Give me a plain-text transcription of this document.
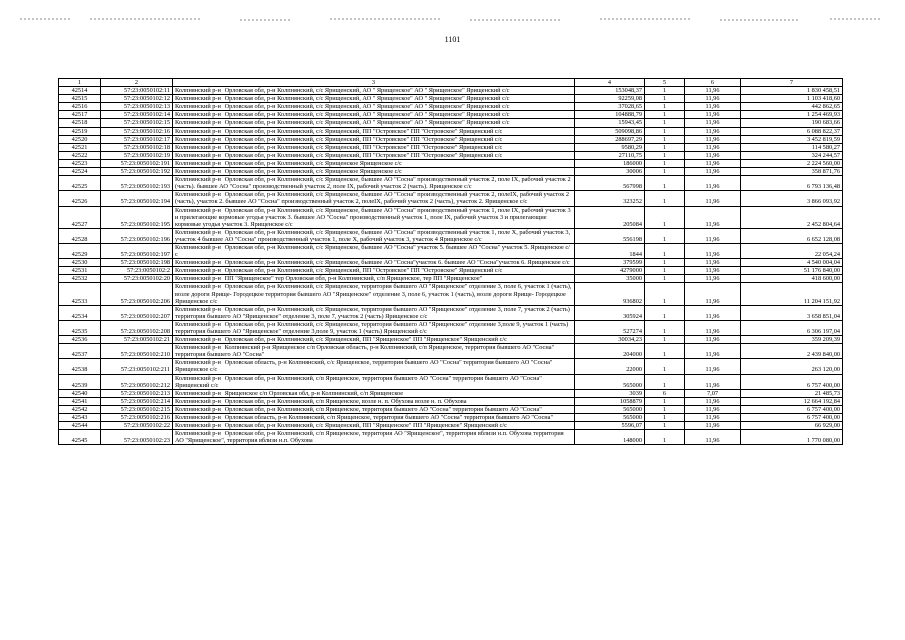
1101
1	2	3	4	5	6	7
42514	57:23:0050102:11	Колпнянский р-н Орловская обл, р-н Колпнянский, с/с Ярищенский, АО " Ярищенское" АО " Ярищенское" Ярищенский с/с	153048,37	1	11,96	1 830 458,51
42515	57:23:0050102:12	Колпнянский р-н Орловская обл, р-н Колпнянский, с/с Ярищенский, АО " Ярищенское" АО " Ярищенское" Ярищенский с/с	92259,08	1	11,96	1 103 418,60
42516	57:23:0050102:13	Колпнянский р-н Орловская обл, р-н Колпнянский, с/с Ярищенский, АО " Ярищенское" АО " Ярищенское" Ярищенский с/с	37028,65	1	11,96	442 862,65
42517	57:23:0050102:14	Колпнянский р-н Орловская обл, р-н Колпнянский, с/с Ярищенский, АО " Ярищенское" АО " Ярищенское" Ярищенский с/с	104888,79	1	11,96	1 254 469,93
42518	57:23:0050102:15	Колпнянский р-н Орловская обл, р-н Колпнянский, с/с Ярищенский, АО " Ярищенское" АО " Ярищенское" Ярищенский с/с	15943,45	1	11,96	190 683,66
42519	57:23:0050102:16	Колпнянский р-н Орловская обл, р-н Колпнянский, с/с Ярищенский, ПП "Островское" ПП "Островское" Ярищенский с/с	509098,86	1	11,96	6 088 822,37
42520	57:23:0050102:17	Колпнянский р-н Орловская обл, р-н Колпнянский, с/с Ярищенский, ПП "Островское" ПП "Островское" Ярищенский с/с	288697,29	1	11,96	3 452 819,59
42521	57:23:0050102:18	Колпнянский р-н Орловская обл, р-н Колпнянский, с/с Ярищенский, ПП "Островское" ПП "Островское" Ярищенский с/с	9580,29	1	11,96	114 580,27
42522	57:23:0050102:19	Колпнянский р-н Орловская обл, р-н Колпнянский, с/с Ярищенский, ПП "Островское" ПП "Островское" Ярищенский с/с	27110,75	1	11,96	324 244,57
42523	57:23:0050102:191	Колпнянский р-н Орловская обл, р-н Колпнянский, с/с Ярищенское Ярищенское с/с	186000	1	11,96	2 224 560,00
42524	57:23:0050102:192	Колпнянский р-н Орловская обл, р-н Колпнянский, с/с Ярищенское Ярищенское с/с	30006	1	11,96	358 871,76
42525	57:23:0050102:193	Колпнянский р-н Орловская обл, р-н Колпнянский, с/с Ярищенское, бывшее АО "Сосна" производственный участок 2, поле IX, рабочий участок 2 (часть). бывшее АО "Сосна" производственный участок 2, поле IX, рабочий участок 2 (часть). Ярищенское с/с	567998	1	11,96	6 793 136,48
42526	57:23:0050102:194	Колпнянский р-н Орловская обл, р-н Колпнянский, с/с Ярищенское, бывшее АО "Сосна" производственный участок 2, полеIX, рабочий участок 2 (часть), участок 2. бывшее АО "Сосна" производственный участок 2, полеIX, рабочий участок 2 (часть), участок 2. Ярищенское с/с	323252	1	11,96	3 866 093,92
42527	57:23:0050102:195	Колпнянский р-н Орловская обл, р-н Колпнянский, с/с Ярищенское, бывшее АО "Сосна" производственный участок 1, поле IX, рабочий участок 3 и прилегающие кормовые угодья участок 3. бывшее АО "Сосна" производственный участок 1, поле IX, рабочий участок 3 и прилегающие кормовые угодья участок 3. Ярищенское с/с	205084	1	11,96	2 452 804,64
42528	57:23:0050102:196	Колпнянский р-н Орловская обл, р-н Колпнянский, с/с Ярищенское, бывшее АО "Сосна" производственный участок 1, поле X, рабочий участок 3, участок 4 бывшее АО "Сосна" производственный участок 1, поле X, рабочий участок 3, участок 4 Ярищенское с/с	556198	1	11,96	6 652 128,08
42529	57:23:0050102:197	Колпнянский р-н Орловская обл, р-н Колпнянский, с/с Ярищенское, бывшее АО "Сосна" участок 5. бывшее АО "Сосна" участок 5. Ярищенское с/с	1844	1	11,96	22 054,24
42530	57:23:0050102:198	Колпнянский р-н Орловская обл, р-н Колпнянский, с/с Ярищенское, бывшее АО "Сосна"участок 6. бывшее АО "Сосна"участок 6. Ярищенское с/с	379599	1	11,96	4 540 004,04
42531	57:23:0050102:2	Колпнянский р-н Орловская обл, р-н Колпнянский, с/с Ярищенский, ПП "Островское" ПП "Островское" Ярищенский с/с	4279000	1	11,96	51 176 840,00
42532	57:23:0050102:20	Колпнянский р-н ПП "Ярищенское" тер Орловская обл, р-н Колпнянский, с/п Ярищенское, тер ПП "Ярищенское"	35000	1	11,96	418 600,00
42533	57:23:0050102:206	Колпнянский р-н Орловская обл, р-н Колпнянский, с/с Ярищенское, территория бывшего АО "Ярищенское" отделение 3, поле 6, участок 1 (часть), возле дороги Ярище- Городецкое территория бывшего АО "Ярищенское" отделение 3, поле 6, участок 1 (часть), возле дороги Ярище- Городецкое Ярищенское с/с	936802	1	11,96	11 204 151,92
42534	57:23:0050102:207	Колпнянский р-н Орловская обл, р-н Колпнянский, с/с Ярищенское, территория бывшего АО "Ярищенское" отделение 3, поле 7, участок 2 (часть) территория бывшего АО "Ярищенское" отделение 3, поле 7, участок 2 (часть) Ярищенское с/с	305924	1	11,96	3 658 851,04
42535	57:23:0050102:208	Колпнянский р-н Орловская обл, р-н Колпнянский, с/с Ярищенское, территория бывшего АО "Ярищенское" отделение 3,поле 9, участок 1 (часть) территория бывшего АО "Ярищенское" отделение 3,поле 9, участок 1 (часть) Ярищенский с/с	527274	1	11,96	6 306 197,04
42536	57:23:0050102:21	Колпнянский р-н Орловская обл, р-н Колпнянский, с/с Ярищенский, ПП "Ярищенское" ПП "Ярищенское" Ярищенский с/с	30034,23	1	11,96	359 209,39
42537	57:23:0050102:210	Колпнянский р-н Колпнянский р-н Ярищенское с/п Орловская область, р-н Колпнянский, с/п Ярищенское, территория бывшего АО "Сосна" территория бывшего АО "Сосна"	204000	1	11,96	2 439 840,00
42538	57:23:0050102:211	Колпнянский р-н Орловская область, р-н Колпнянский, с/с Ярищенское, территория бывшего АО "Сосна" территория бывшего АО "Сосна" Ярищенское с/с	22000	1	11,96	263 120,00
42539	57:23:0050102:212	Колпнянский р-н Орловская обл, р-н Колпнянский, с/п Ярищенское, территория бывшего АО "Сосна" территория бывшего АО "Сосна" Ярищенский с/с	565000	1	11,96	6 757 400,00
42540	57:23:0050102:213	Колпнянский р-н Ярищенское с/п Орловская обл, р-н Колпнянский, с/п Ярищенское	3039	6	7,07	21 485,73
42541	57:23:0050102:214	Колпнянский р-н Орловская обл, р-н Колпнянский, с/п Ярищенское, возле н. п. Обухова возле н. п. Обухова	1058879	1	11,96	12 664 192,84
42542	57:23:0050102:215	Колпнянский р-н Орловская обл, р-н Колпнянский, с/п Ярищенское, территория бывшего АО "Сосна" территория бывшего АО "Сосна"	565000	1	11,96	6 757 400,00
42543	57:23:0050102:216	Колпнянский р-н Орловская область, р-н Колпнянский, с/п Ярищенское, территория бывшего АО "Сосна" территория бывшего АО "Сосна"	565000	1	11,96	6 757 400,00
42544	57:23:0050102:22	Колпнянский р-н Орловская обл, р-н Колпнянский, с/с Ярищенский, ПП "Ярищенское" ПП "Ярищенское" Ярищенский с/с	5596,07	1	11,96	66 929,00
42545	57:23:0050102:23	Колпнянский р-н Орловская обл, р-н Колпнянский, с/п Ярищенское, территория АО "Ярищенское", территория вблизи н.п. Обухова территория АО "Ярищенское", территория вблизи н.п. Обухова	148000	1	11,96	1 770 080,00
